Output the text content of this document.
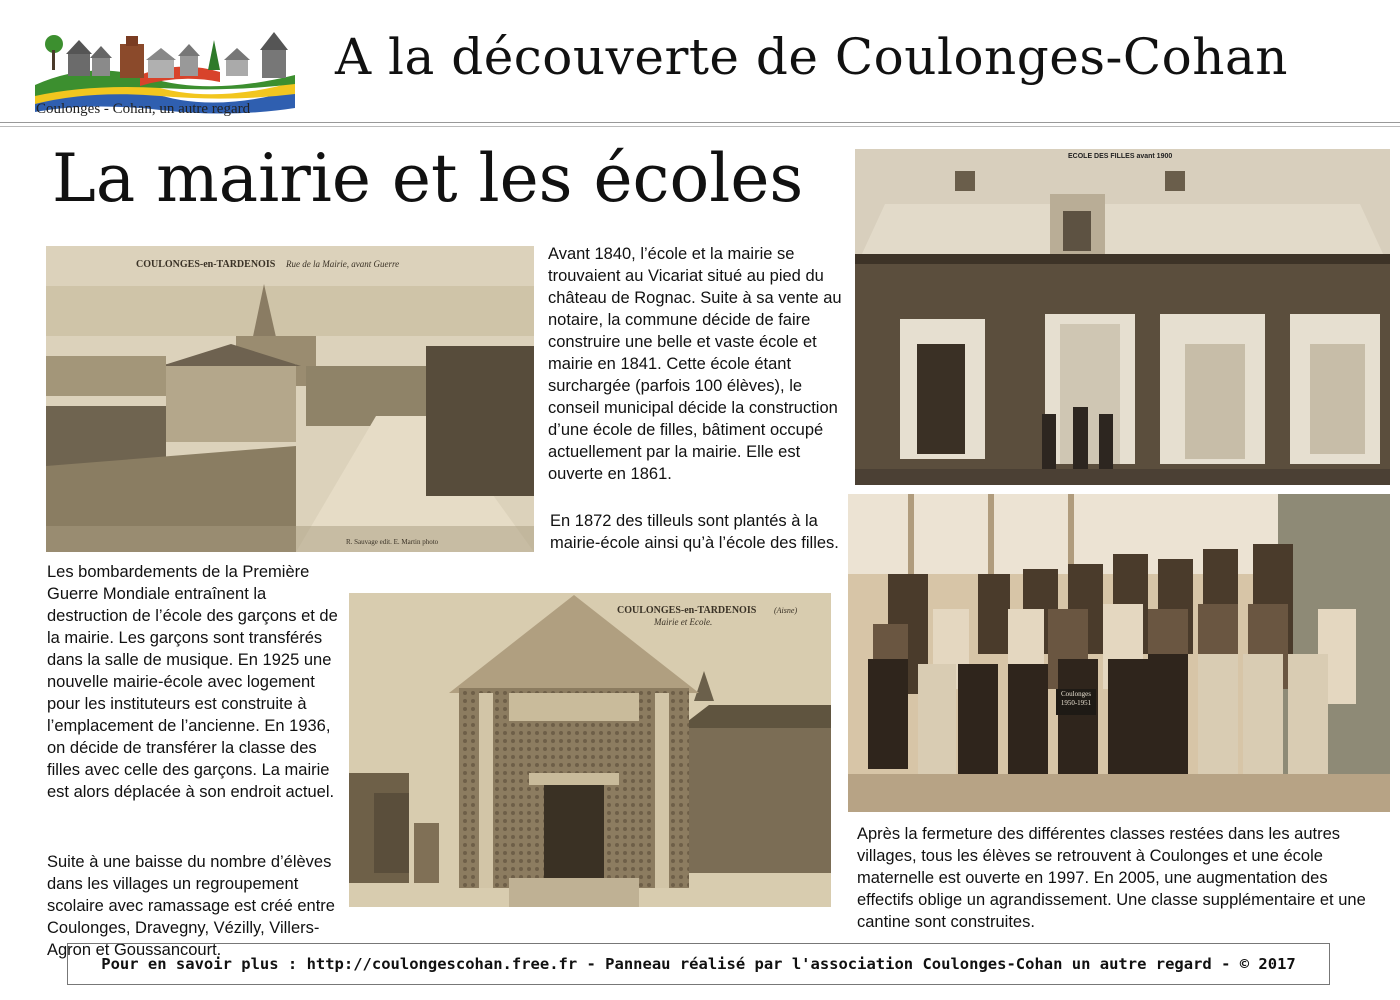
Coulonges - Cohan, un autre regard
A la découverte de Coulonges-Cohan
La mairie et les écoles
COULONGES-en-TARDENOIS Rue de la Mairie, avant Guerre
R. Sauvage edit. E. Martin photo
ECOLE DES FILLES avant 1900

Avant 1840, l’école et la mairie se trouvaient au Vicariat situé au pied du château de Rognac. Suite à sa vente au notaire, la commune décide de faire construire une belle et vaste école et mairie en 1841. Cette école étant surchargée (parfois 100 élèves), le conseil municipal décide la construction d’une école de filles, bâtiment occupé actuellement par la mairie. Elle est ouverte en 1861.

En 1872 des tilleuls sont plantés à la mairie-école ainsi qu’à l’école des filles.

Les bombardements de la Première Guerre Mondiale entraînent la destruction de l’école des garçons et de la mairie. Les garçons sont transférés dans la salle de musique. En 1925 une nouvelle mairie-école avec logement pour les instituteurs est construite à l’emplacement de l’ancienne. En 1936, on décide de transférer la classe des filles avec celle des garçons. La mairie est alors déplacée à son endroit actuel.

COULONGES-en-TARDENOIS (Aisne)
Mairie et Ecole.

Suite à une baisse du nombre d’élèves dans les villages un regroupement scolaire avec ramassage est créé entre Coulonges, Dravegny, Vézilly, Villers-Agron et Goussancourt.

Coulonges 1950-1951

Après la fermeture des différentes classes restées dans les autres villages, tous les élèves se retrouvent à Coulonges et une école maternelle est ouverte en 1997. En 2005, une augmentation des effectifs oblige un agrandissement. Une classe supplémentaire et une cantine sont construites.

Pour en savoir plus : http://coulongescohan.free.fr - Panneau réalisé par l'association Coulonges-Cohan un autre regard - © 2017
